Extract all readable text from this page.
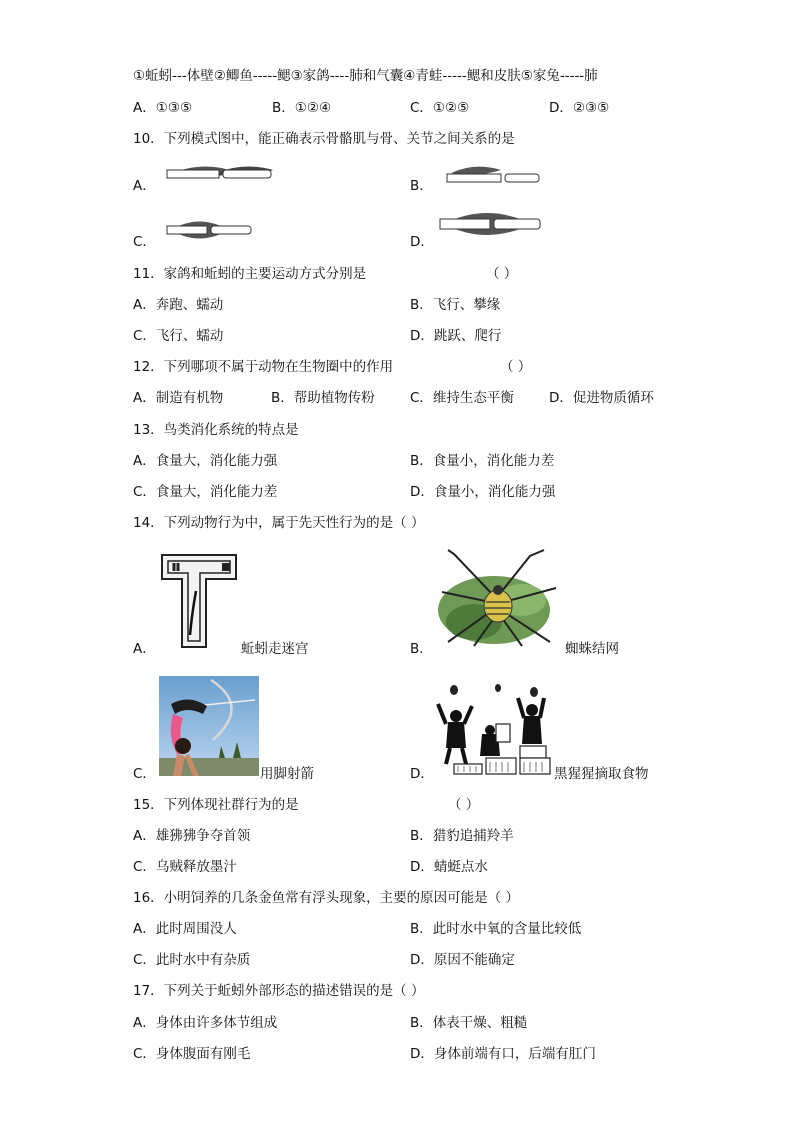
①蚯蚓---体壁②鲫鱼-----鳃③家鸽----肺和气囊④青蛙-----鳃和皮肤⑤家兔-----肺
A．①③⑤	B．①②④	C．①②⑤	D．②③⑤
10．下列模式图中，能正确表示骨骼肌与骨、关节之间关系的是
A．	B．
C．	D．
11．家鸽和蚯蚓的主要运动方式分别是	（ ）
A．奔跑、蠕动	B．飞行、攀缘
C．飞行、蠕动	D．跳跃、爬行
12．下列哪项不属于动物在生物圈中的作用	（ ）
A．制造有机物	B．帮助植物传粉	C．维持生态平衡	D．促进物质循环
13．鸟类消化系统的特点是
A．食量大，消化能力强	B．食量小，消化能力差
C．食量大，消化能力差	D．食量小，消化能力强
14．下列动物行为中，属于先天性行为的是（ ）
A．	蚯蚓走迷宫	B．	蜘蛛结网
C．	用脚射箭	D．	黑猩猩摘取食物
15．下列体现社群行为的是	（ ）
A．雄狒狒争夺首领	B．猎豹追捕羚羊
C．乌贼释放墨汁	D．蜻蜓点水
16．小明饲养的几条金鱼常有浮头现象，主要的原因可能是（ ）
A．此时周围没人	B．此时水中氧的含量比较低
C．此时水中有杂质	D．原因不能确定
17．下列关于蚯蚓外部形态的描述错误的是（ ）
A．身体由许多体节组成	B．体表干燥、粗糙
C．身体腹面有刚毛	D．身体前端有口，后端有肛门
